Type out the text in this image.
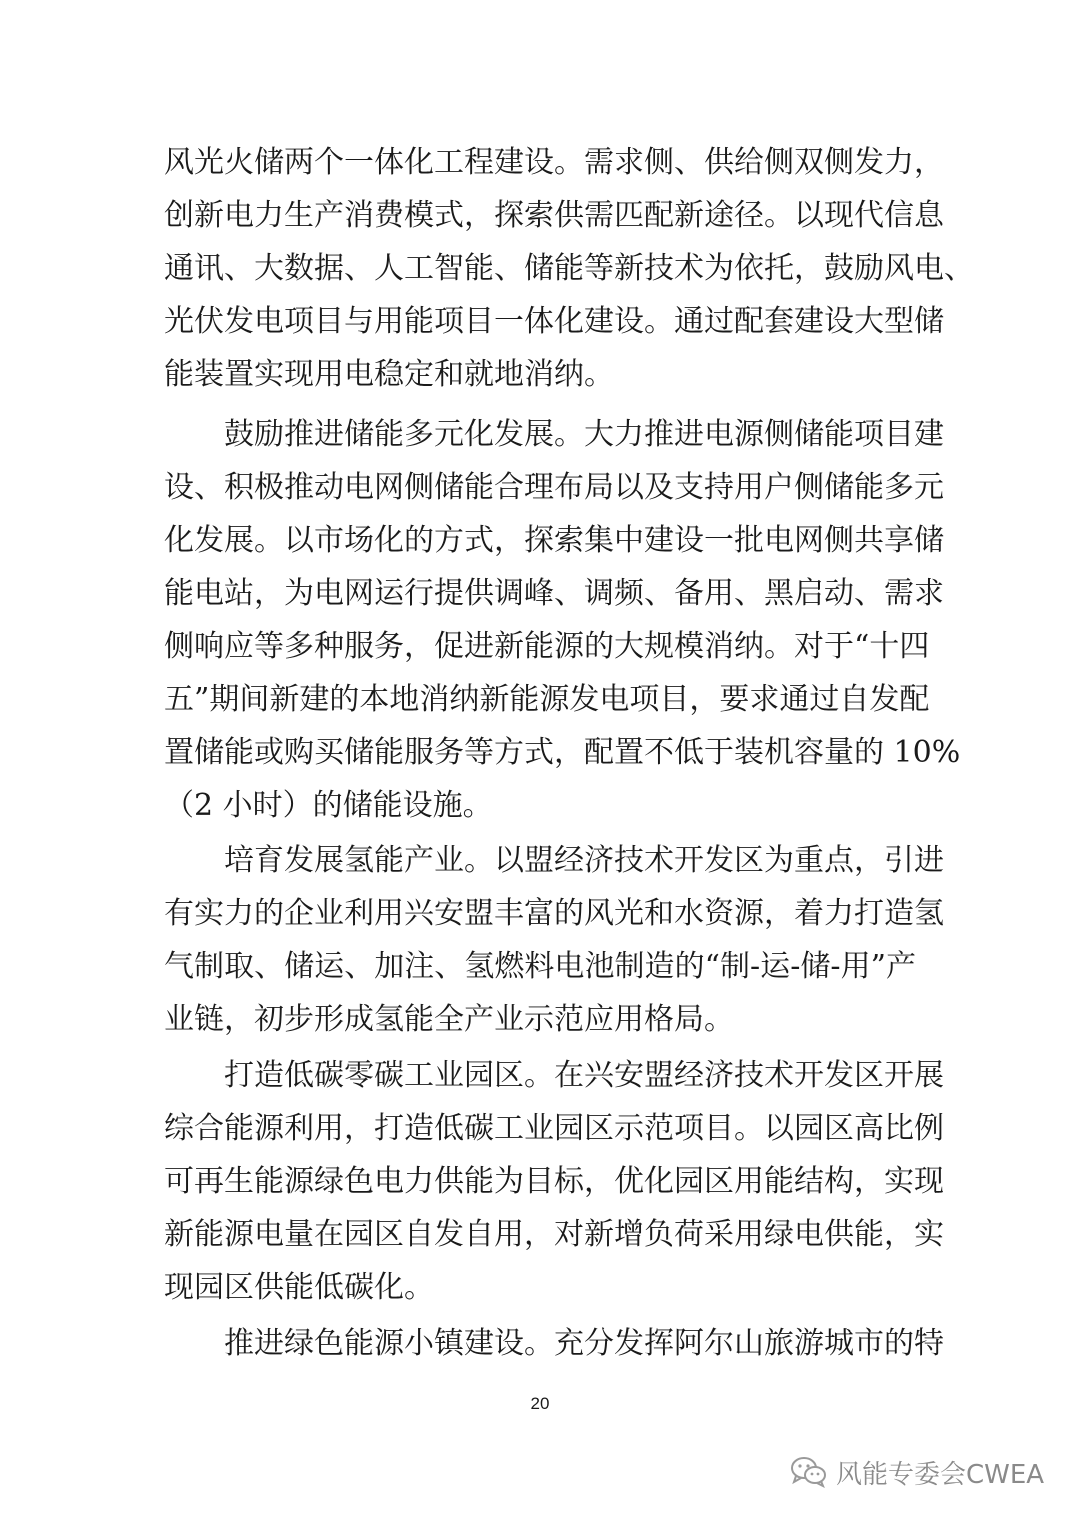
风光火储两个一体化工程建设。需求侧、供给侧双侧发力，
创新电力生产消费模式，探索供需匹配新途径。以现代信息
通讯、大数据、人工智能、储能等新技术为依托，鼓励风电、
光伏发电项目与用能项目一体化建设。通过配套建设大型储
能装置实现用电稳定和就地消纳。
鼓励推进储能多元化发展。大力推进电源侧储能项目建
设、积极推动电网侧储能合理布局以及支持用户侧储能多元
化发展。以市场化的方式，探索集中建设一批电网侧共享储
能电站，为电网运行提供调峰、调频、备用、黑启动、需求
侧响应等多种服务，促进新能源的大规模消纳。对于“十四
五”期间新建的本地消纳新能源发电项目，要求通过自发配
置储能或购买储能服务等方式，配置不低于装机容量的 10%
（2 小时）的储能设施。
培育发展氢能产业。以盟经济技术开发区为重点，引进
有实力的企业利用兴安盟丰富的风光和水资源，着力打造氢
气制取、储运、加注、氢燃料电池制造的“制-运-储-用”产
业链，初步形成氢能全产业示范应用格局。
打造低碳零碳工业园区。在兴安盟经济技术开发区开展
综合能源利用，打造低碳工业园区示范项目。以园区高比例
可再生能源绿色电力供能为目标，优化园区用能结构，实现
新能源电量在园区自发自用，对新增负荷采用绿电供能，实
现园区供能低碳化。
推进绿色能源小镇建设。充分发挥阿尔山旅游城市的特
20
风能专委会CWEA
